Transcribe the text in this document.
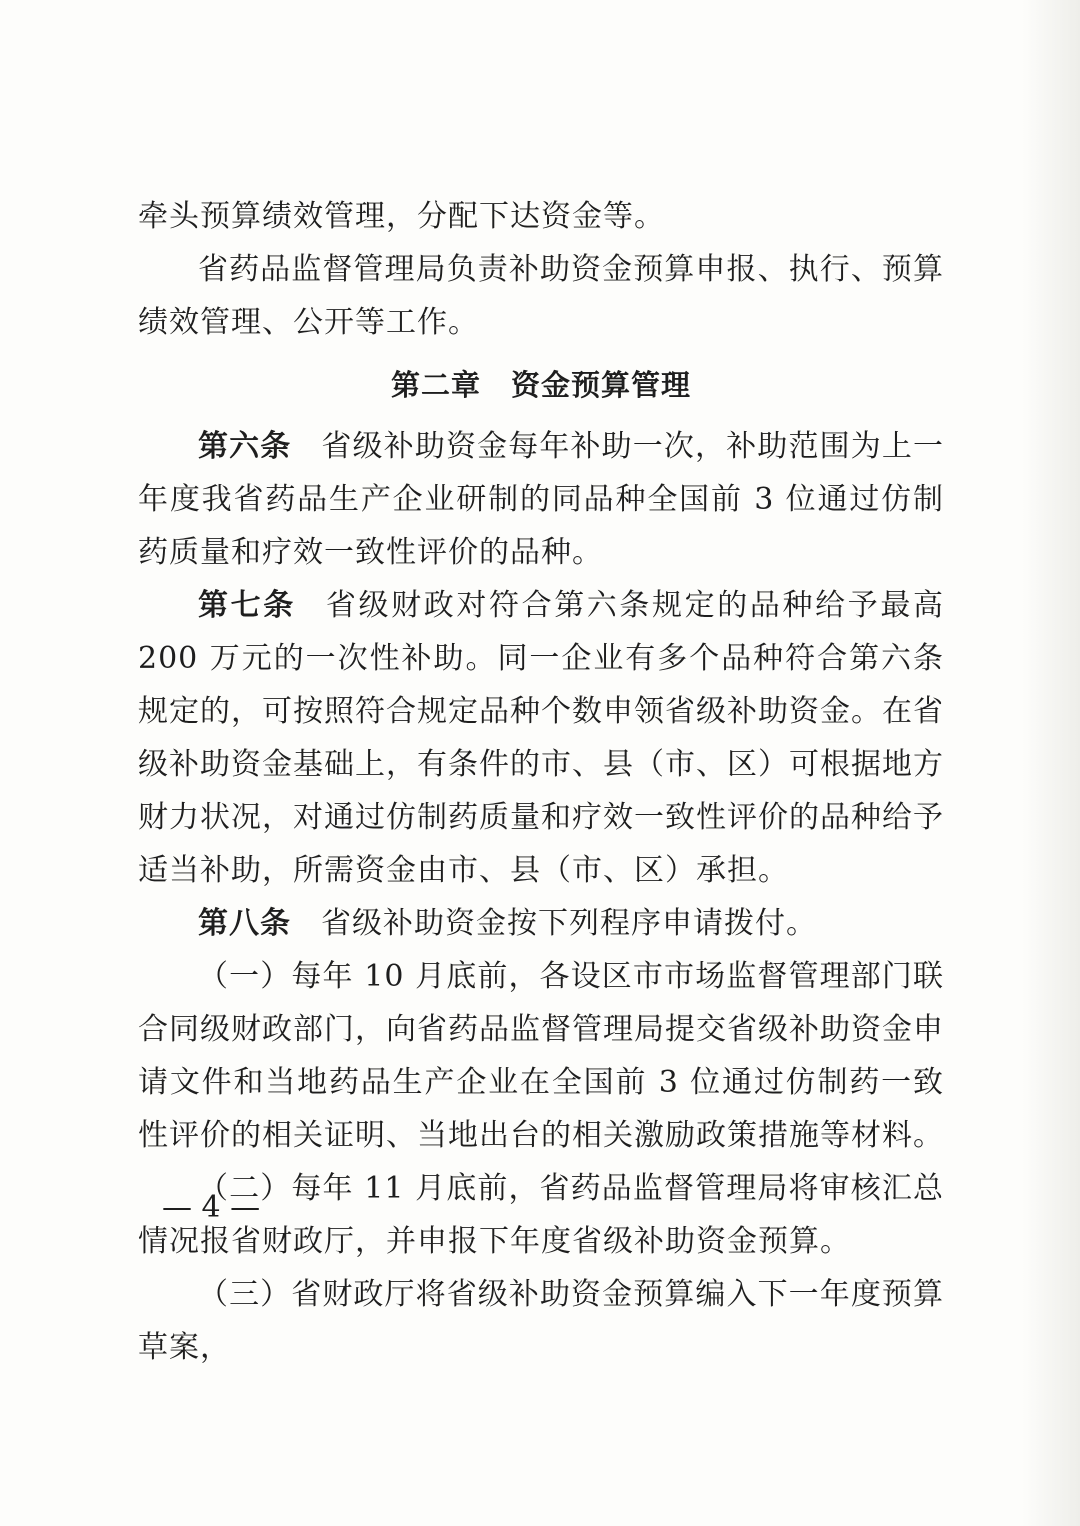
牵头预算绩效管理，分配下达资金等。

省药品监督管理局负责补助资金预算申报、执行、预算绩效管理、公开等工作。

第二章　资金预算管理

第六条 省级补助资金每年补助一次，补助范围为上一年度我省药品生产企业研制的同品种全国前 3 位通过仿制药质量和疗效一致性评价的品种。

第七条 省级财政对符合第六条规定的品种给予最高 200 万元的一次性补助。同一企业有多个品种符合第六条规定的，可按照符合规定品种个数申领省级补助资金。在省级补助资金基础上，有条件的市、县（市、区）可根据地方财力状况，对通过仿制药质量和疗效一致性评价的品种给予适当补助，所需资金由市、县（市、区）承担。

第八条 省级补助资金按下列程序申请拨付。

（一）每年 10 月底前，各设区市市场监督管理部门联合同级财政部门，向省药品监督管理局提交省级补助资金申请文件和当地药品生产企业在全国前 3 位通过仿制药一致性评价的相关证明、当地出台的相关激励政策措施等材料。

（二）每年 11 月底前，省药品监督管理局将审核汇总情况报省财政厅，并申报下年度省级补助资金预算。

（三）省财政厅将省级补助资金预算编入下一年度预算草案，

— 4 —
